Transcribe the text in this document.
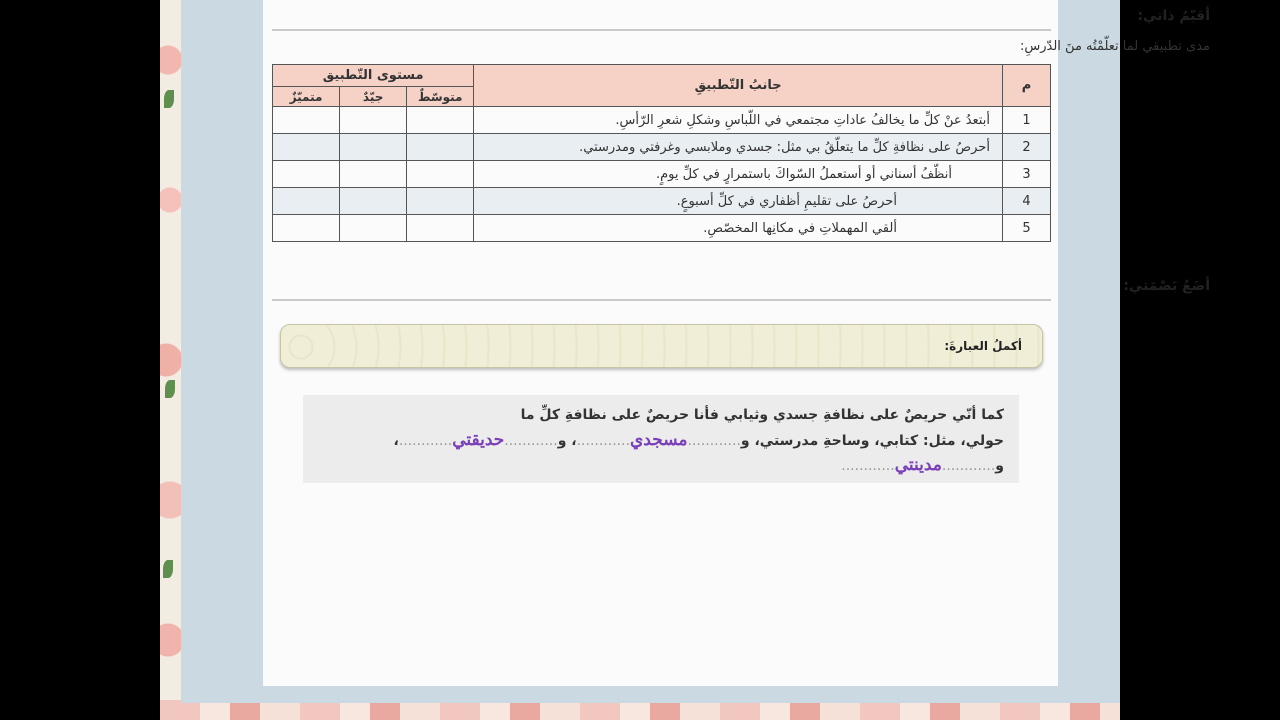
أقيّمُ ذاتي:
مدى تطبيقي لما تعلّمْتُه منَ الدّرسِ:
م	جانبُ التّطبيقِ	مستوى التّطبيق		
		متوسّطٌ	جيّدٌ	متميّزٌ
1	أبتعدُ عنْ كلِّ ما يخالفُ عاداتِ مجتمعي في اللّباسِ وشكلِ شعرِ الرّأسِ.			
2	أحرصُ على نظافةِ كلِّ ما يتعلّقُ بي مثل: جسدي وملابسي وغرفتي ومدرستي.			
3	أنظّفُ أسناني أو أستعملُ السّواكَ باستمرارٍ في كلِّ يومٍ.			
4	أحرصُ على تقليمِ أظفاري في كلِّ أسبوعٍ.			
5	ألقي المهملاتِ في مكانِها المخصّصِ.			
أضَعُ بَصْمَتي:
أكملُ العبارةَ:
كما أنّي حريصٌ على نظافةِ جسدي وثيابي فأنا حريصٌ على نظافةِ كلِّ ما
حولي، مثل: كتابي، وساحةِ مدرستي، و............مسجدي............، و............حديقتي............،
و............مدينتي............
